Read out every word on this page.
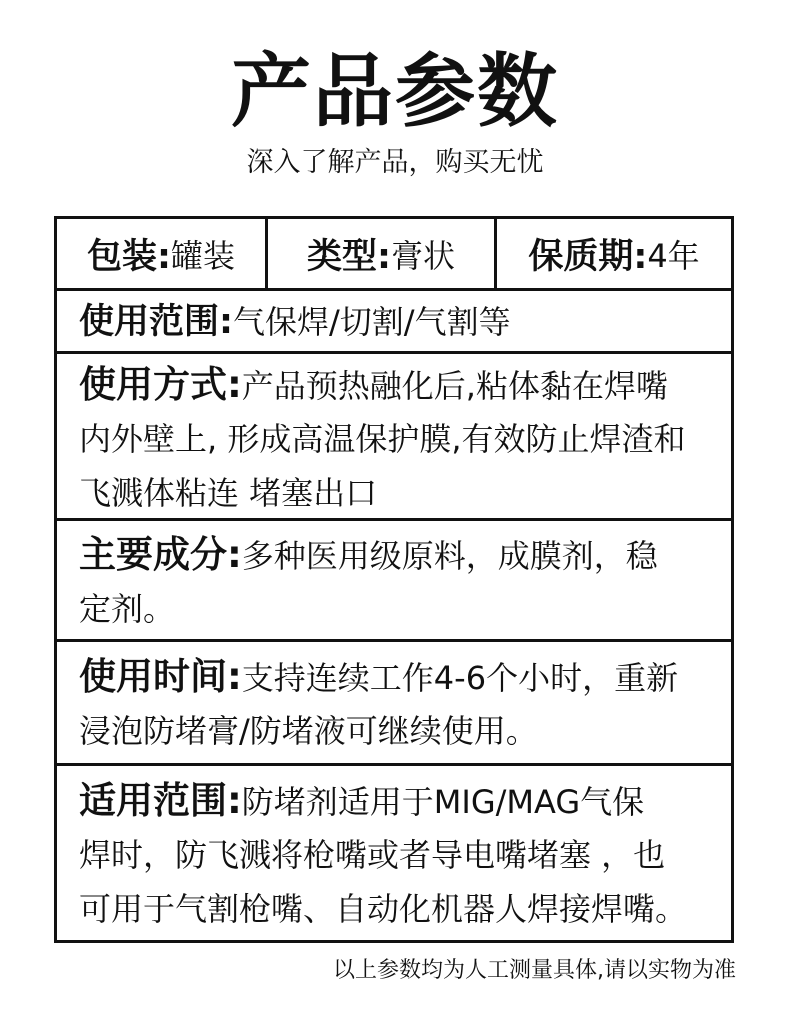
产品参数
深入了解产品，购买无忧
包装: 罐装 类型: 膏状 保质期: 4年
使用范围:气保焊/切割/气割等
使用方式:产品预热融化后,粘体黏在焊嘴
内外壁上, 形成高温保护膜,有效防止焊渣和
飞溅体粘连 堵塞出口
主要成分:多种医用级原料，成膜剂，稳
定剂。
使用时间:支持连续工作4-6个小时，重新
浸泡防堵膏/防堵液可继续使用。
适用范围:防堵剂适用于MIG/MAG气保
焊时，防飞溅将枪嘴或者导电嘴堵塞 ，也
可用于气割枪嘴、自动化机器人焊接焊嘴。
以上参数均为人工测量具体,请以实物为准
